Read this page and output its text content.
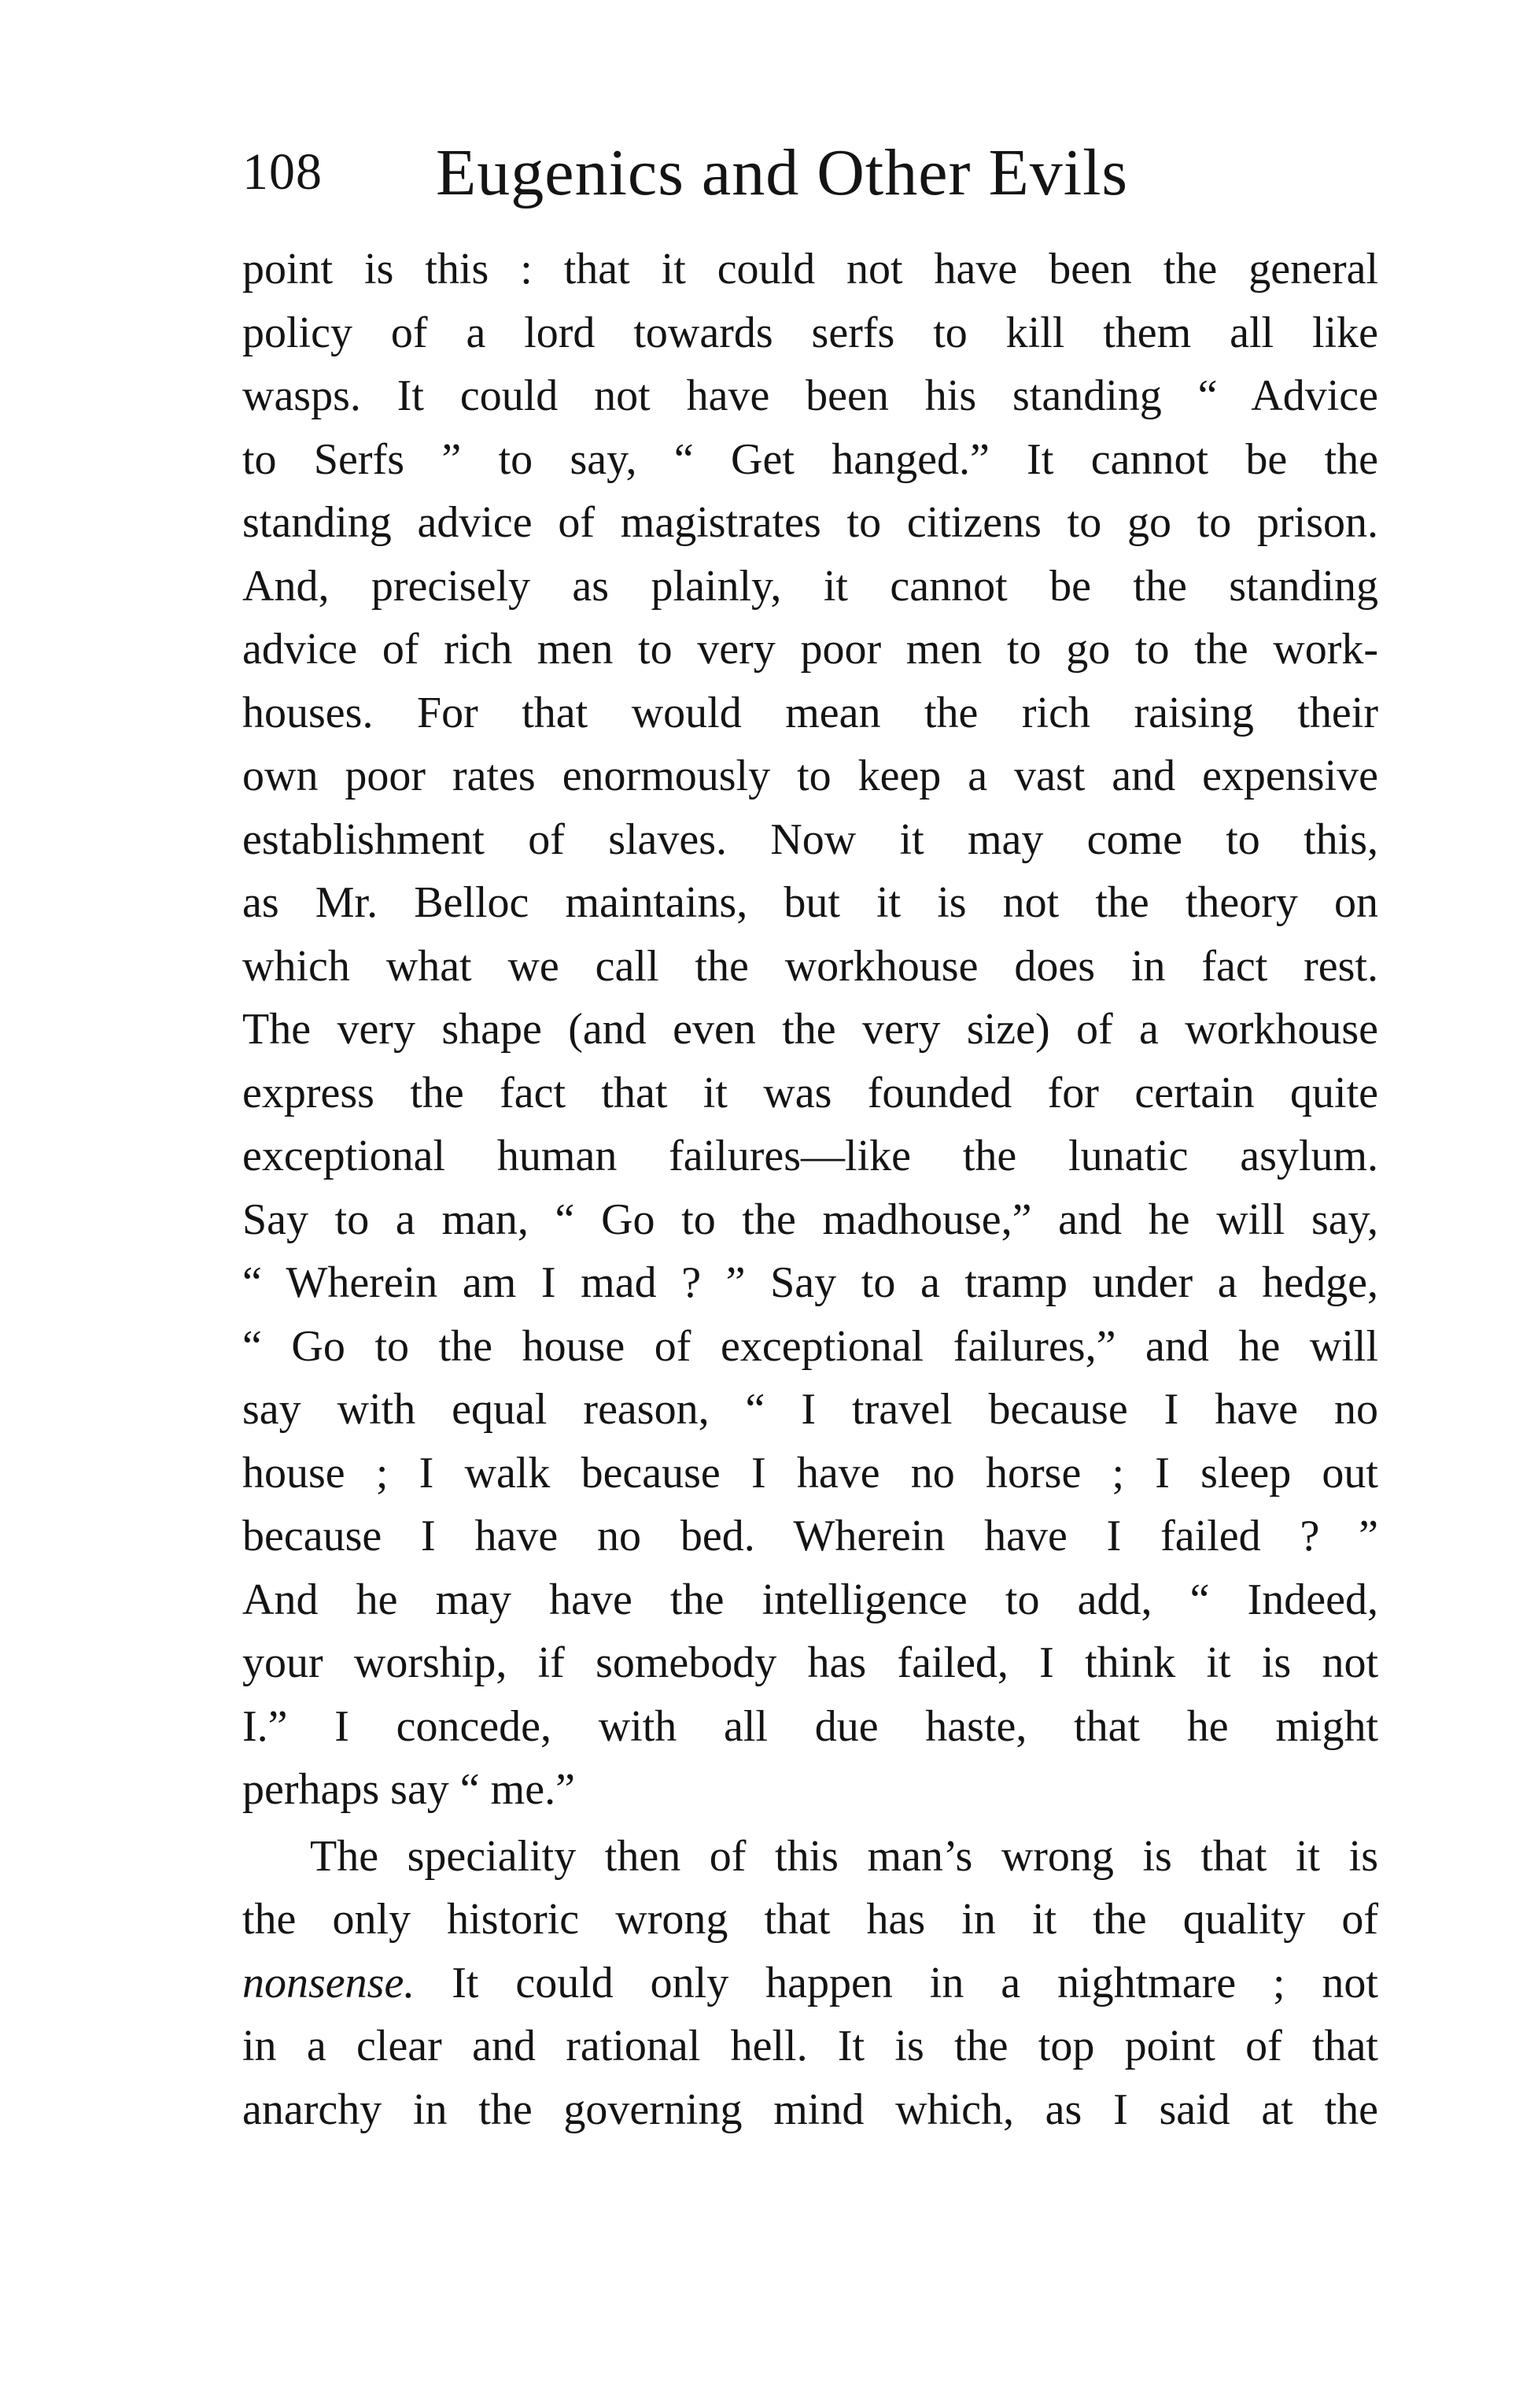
108 Eugenics and Other Evils
point is this : that it could not have been the general
policy of a lord towards serfs to kill them all like
wasps. It could not have been his standing “ Advice
to Serfs ” to say, “ Get hanged.” It cannot be the
standing advice of magistrates to citizens to go to prison.
And, precisely as plainly, it cannot be the standing
advice of rich men to very poor men to go to the work-
houses. For that would mean the rich raising their
own poor rates enormously to keep a vast and expensive
establishment of slaves. Now it may come to this,
as Mr. Belloc maintains, but it is not the theory on
which what we call the workhouse does in fact rest.
The very shape (and even the very size) of a workhouse
express the fact that it was founded for certain quite
exceptional human failures—like the lunatic asylum.
Say to a man, “ Go to the madhouse,” and he will say,
“ Wherein am I mad ? ” Say to a tramp under a hedge,
“ Go to the house of exceptional failures,” and he will
say with equal reason, “ I travel because I have no
house ; I walk because I have no horse ; I sleep out
because I have no bed. Wherein have I failed ? ”
And he may have the intelligence to add, “ Indeed,
your worship, if somebody has failed, I think it is not
I.” I concede, with all due haste, that he might
perhaps say “ me.”
The speciality then of this man’s wrong is that it is
the only historic wrong that has in it the quality of
nonsense. It could only happen in a nightmare ; not
in a clear and rational hell. It is the top point of that
anarchy in the governing mind which, as I said at the
